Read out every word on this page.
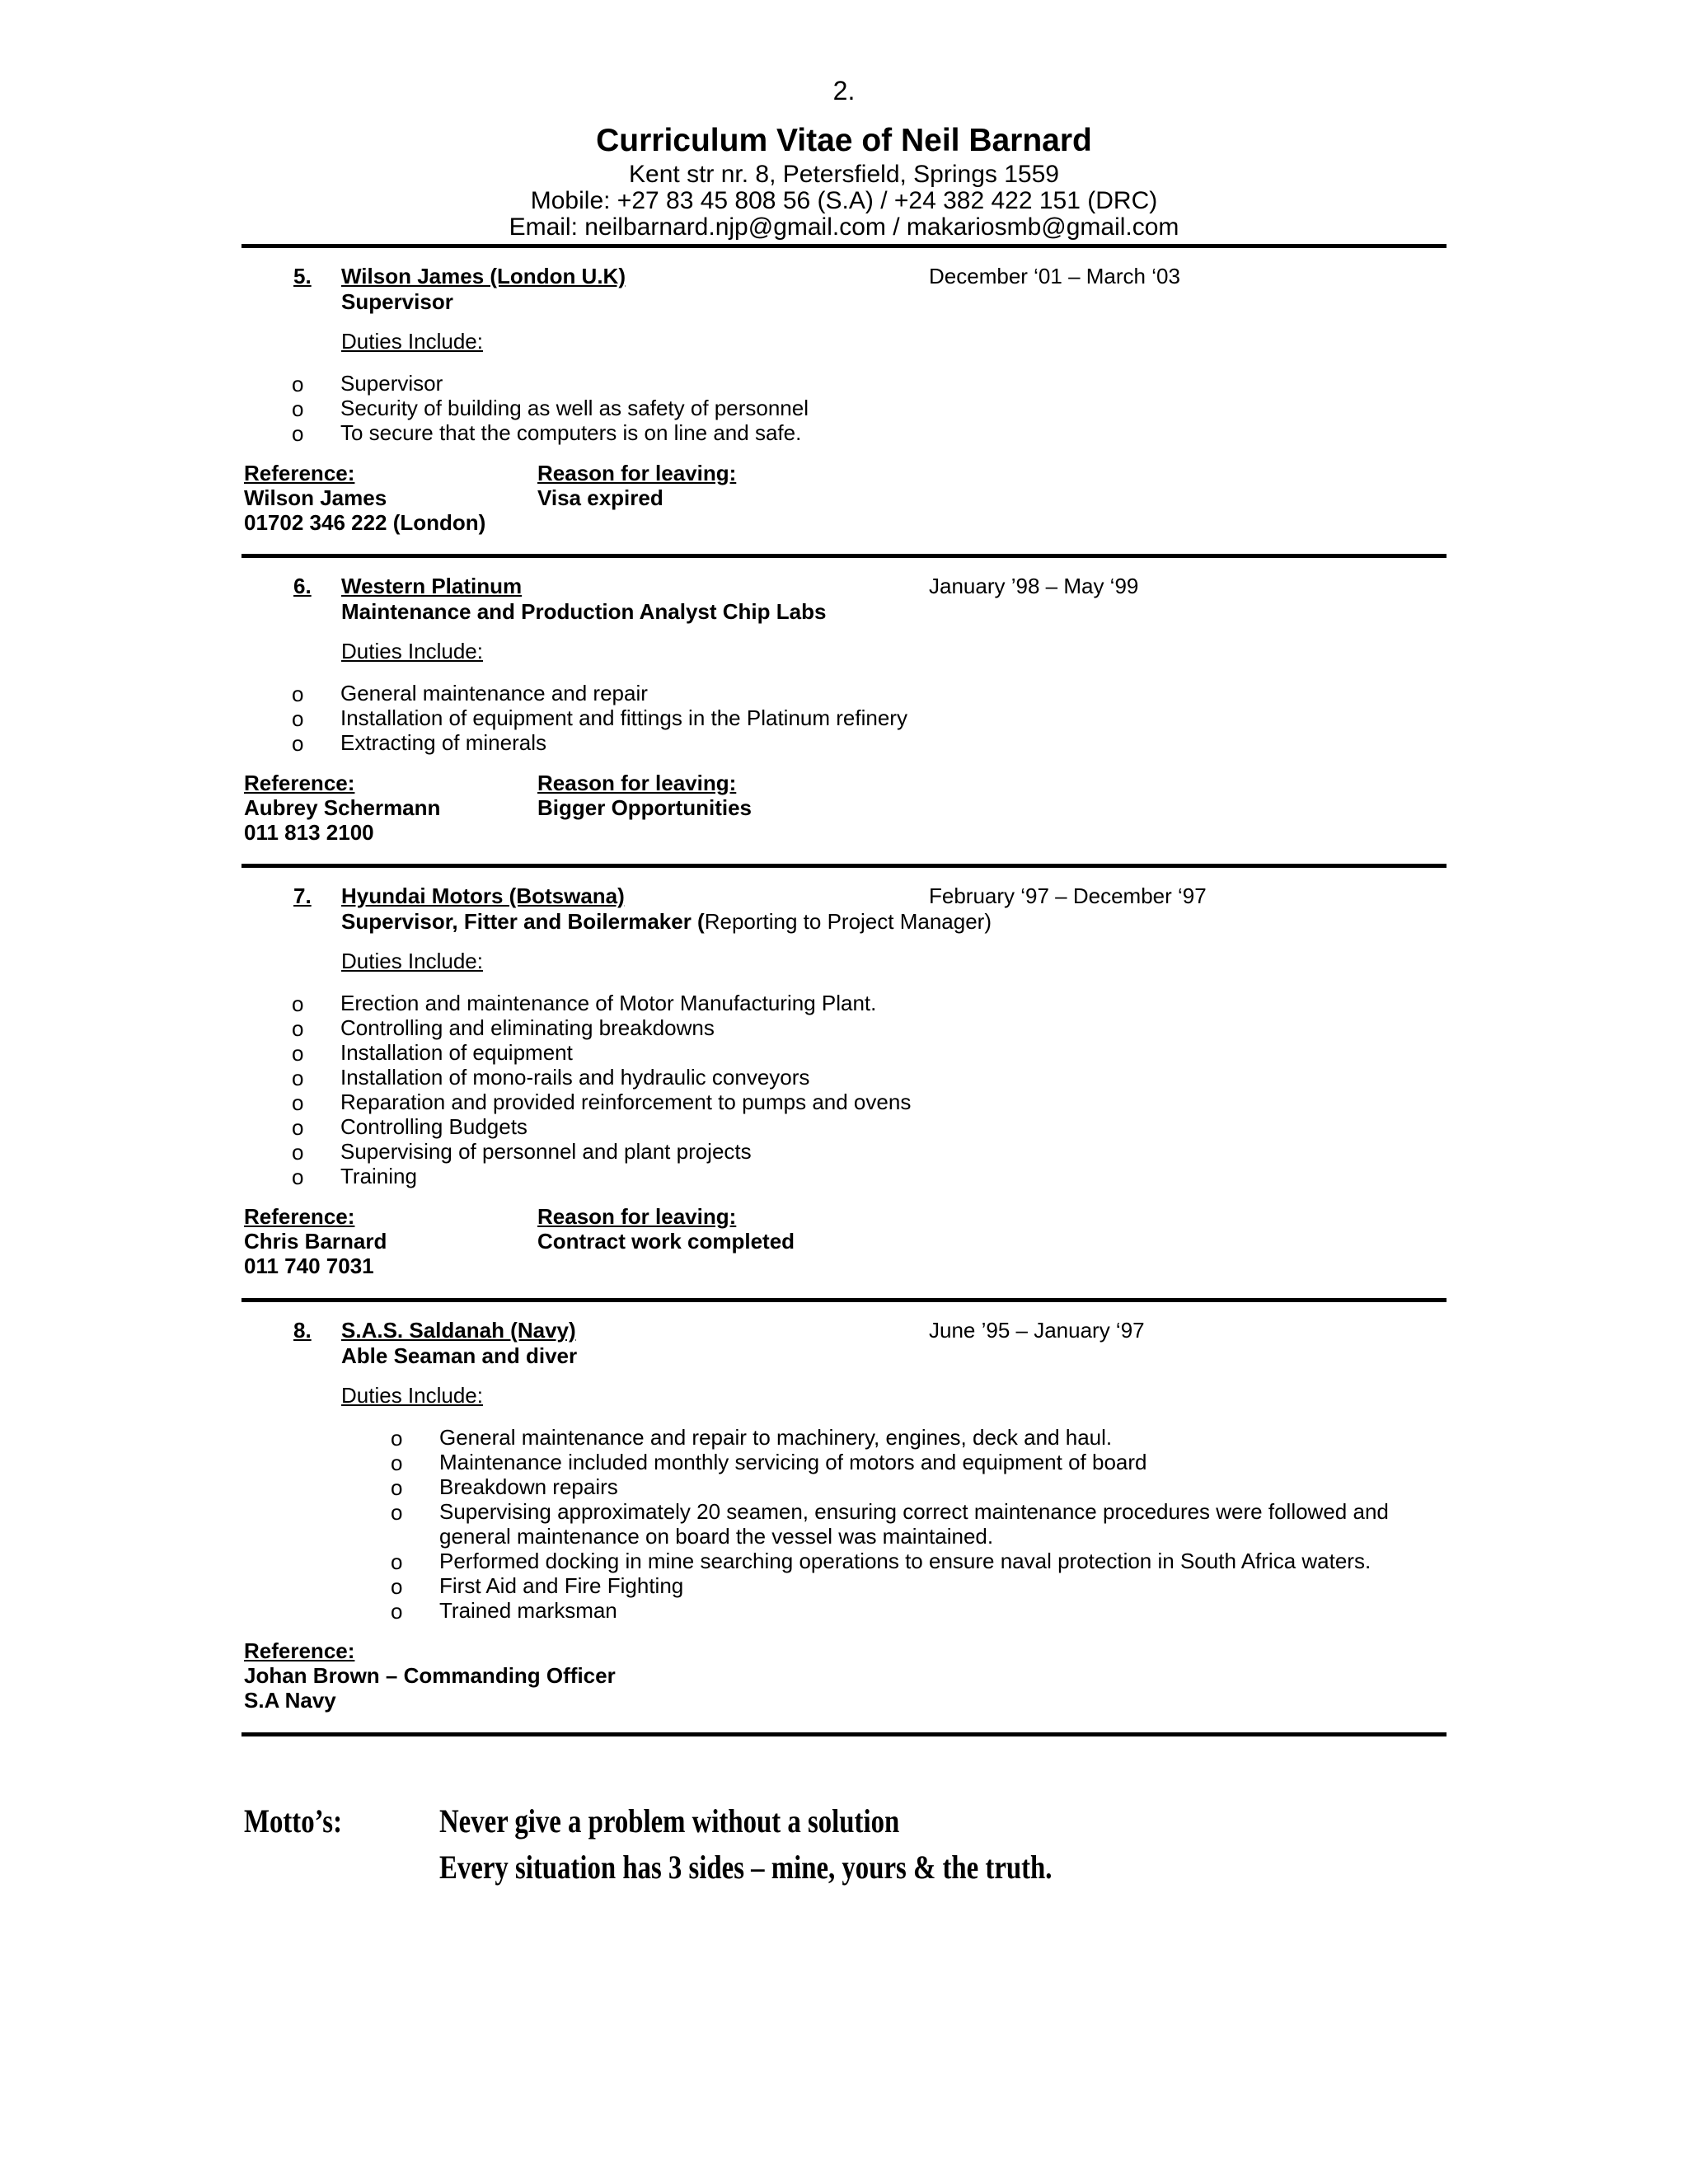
2.
Curriculum Vitae of Neil Barnard
Kent str nr. 8, Petersfield, Springs 1559
Mobile: +27 83 45 808 56 (S.A) / +24 382 422 151 (DRC)
Email: neilbarnard.njp@gmail.com / makariosmb@gmail.com
5. Wilson James (London U.K)	December ‘01 – March ‘03
Supervisor
Duties Include:
o Supervisor
o Security of building as well as safety of personnel
o To secure that the computers is on line and safe.
Reference:	Reason for leaving:
Wilson James	Visa expired
01702 346 222 (London)
6. Western Platinum	January ’98 – May ‘99
Maintenance and Production Analyst Chip Labs
Duties Include:
o General maintenance and repair
o Installation of equipment and fittings in the Platinum refinery
o Extracting of minerals
Reference:	Reason for leaving:
Aubrey Schermann	Bigger Opportunities
011 813 2100
7. Hyundai Motors (Botswana)	February ‘97 – December ‘97
Supervisor, Fitter and Boilermaker (Reporting to Project Manager)
Duties Include:
o Erection and maintenance of Motor Manufacturing Plant.
o Controlling and eliminating breakdowns
o Installation of equipment
o Installation of mono-rails and hydraulic conveyors
o Reparation and provided reinforcement to pumps and ovens
o Controlling Budgets
o Supervising of personnel and plant projects
o Training
Reference:	Reason for leaving:
Chris Barnard	Contract work completed
011 740 7031
8. S.A.S. Saldanah (Navy)	June ’95 – January ‘97
Able Seaman and diver
Duties Include:
o General maintenance and repair to machinery, engines, deck and haul.
o Maintenance included monthly servicing of motors and equipment of board
o Breakdown repairs
o Supervising approximately 20 seamen, ensuring correct maintenance procedures were followed and
general maintenance on board the vessel was maintained.
o Performed docking in mine searching operations to ensure naval protection in South Africa waters.
o First Aid and Fire Fighting
o Trained marksman
Reference:
Johan Brown – Commanding Officer
S.A Navy
Motto’s:	Never give a problem without a solution
Every situation has 3 sides – mine, yours & the truth.
